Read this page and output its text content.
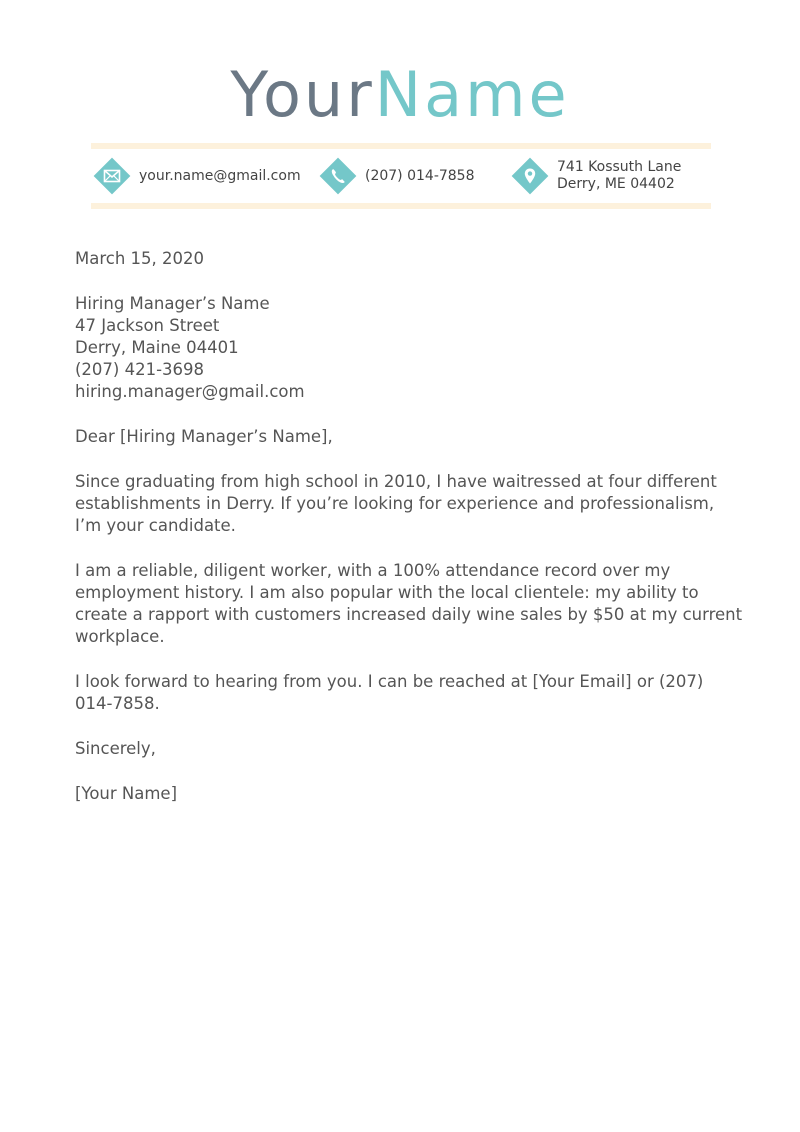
YourName
your.name@gmail.com	(207) 014-7858
741 Kossuth Lane
Derry, ME 04402

March 15, 2020

Hiring Manager’s Name

47 Jackson Street

Derry, Maine 04401

(207) 421-3698

hiring.manager@gmail.com

Dear [Hiring Manager’s Name],

Since graduating from high school in 2010, I have waitressed at four different establishments in Derry. If you’re looking for experience and professionalism, I’m your candidate.

I am a reliable, diligent worker, with a 100% attendance record over my employment history. I am also popular with the local clientele: my ability to create a rapport with customers increased daily wine sales by $50 at my current workplace.

I look forward to hearing from you. I can be reached at [Your Email] or (207) 014-7858.

Sincerely,

[Your Name]
